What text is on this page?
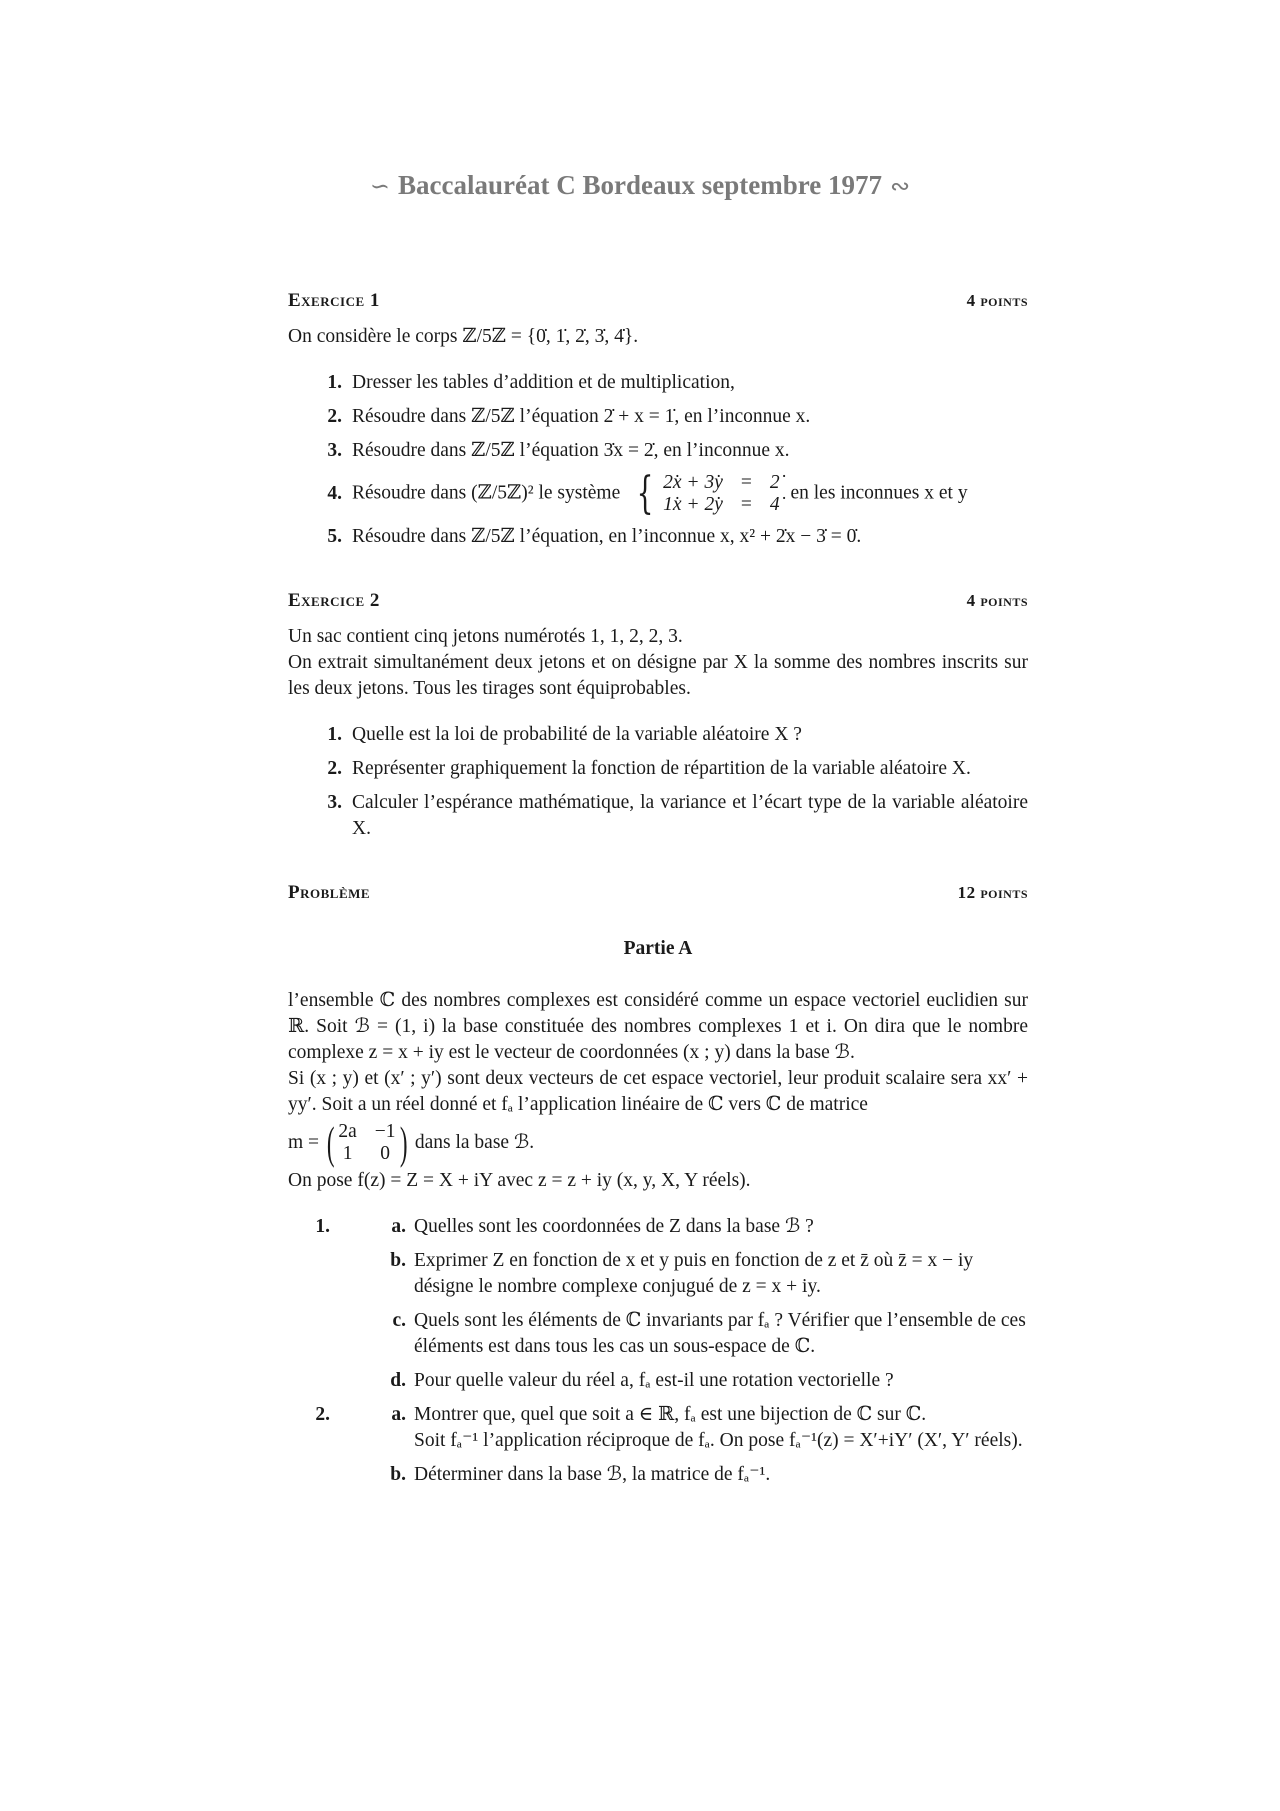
∽ Baccalauréat C Bordeaux septembre 1977 ∾
Exercice 1	4 points

On considère le corps ℤ/5ℤ = {0̇, 1̇, 2̇, 3̇, 4̇}.

1. Dresser les tables d’addition et de multiplication,
2. Résoudre dans ℤ/5ℤ l’équation 2̇ + x = 1̇, en l’inconnue x.
3. Résoudre dans ℤ/5ℤ l’équation 3̇x = 2̇, en l’inconnue x.
4. Résoudre dans (ℤ/5ℤ)² le système { 2̇x + 3̇y = 2̇
1̇x + 2̇y = 4̇
en les inconnues x et y
5. Résoudre dans ℤ/5ℤ l’équation, en l’inconnue x, x² + 2̇x − 3̇ = 0̇.
Exercice 2	4 points

Un sac contient cinq jetons numérotés 1, 1, 2, 2, 3.

On extrait simultanément deux jetons et on désigne par X la somme des nombres inscrits sur les deux jetons. Tous les tirages sont équiprobables.

1. Quelle est la loi de probabilité de la variable aléatoire X ?
2. Représenter graphiquement la fonction de répartition de la variable aléatoire X.
3. Calculer l’espérance mathématique, la variance et l’écart type de la variable aléatoire X.
Problème	12 points
Partie A

l’ensemble ℂ des nombres complexes est considéré comme un espace vectoriel euclidien sur ℝ. Soit ℬ = (1, i) la base constituée des nombres complexes 1 et i. On dira que le nombre complexe z = x + iy est le vecteur de coordonnées (x ; y) dans la base ℬ.

Si (x ; y) et (x′ ; y′) sont deux vecteurs de cet espace vectoriel, leur produit scalaire sera xx′ + yy′. Soit a un réel donné et fₐ l’application linéaire de ℂ vers ℂ de matrice

m = ( 2a −1
1 0 ) dans la base ℬ.

On pose f(z) = Z = X + iY avec z = z + iy (x, y, X, Y réels).

1.	a. Quelles sont les coordonnées de Z dans la base ℬ ?
b. Exprimer Z en fonction de x et y puis en fonction de z et z̄ où z̄ = x − iy désigne le nombre complexe conjugué de z = x + iy.
c. Quels sont les éléments de ℂ invariants par fₐ ? Vérifier que l’ensemble de ces éléments est dans tous les cas un sous-espace de ℂ.
d. Pour quelle valeur du réel a, fₐ est-il une rotation vectorielle ?
2.	a. Montrer que, quel que soit a ∈ ℝ, fₐ est une bijection de ℂ sur ℂ.
Soit fₐ⁻¹ l’application réciproque de fₐ. On pose fₐ⁻¹(z) = X′+iY′ (X′, Y′ réels).
b. Déterminer dans la base ℬ, la matrice de fₐ⁻¹.
